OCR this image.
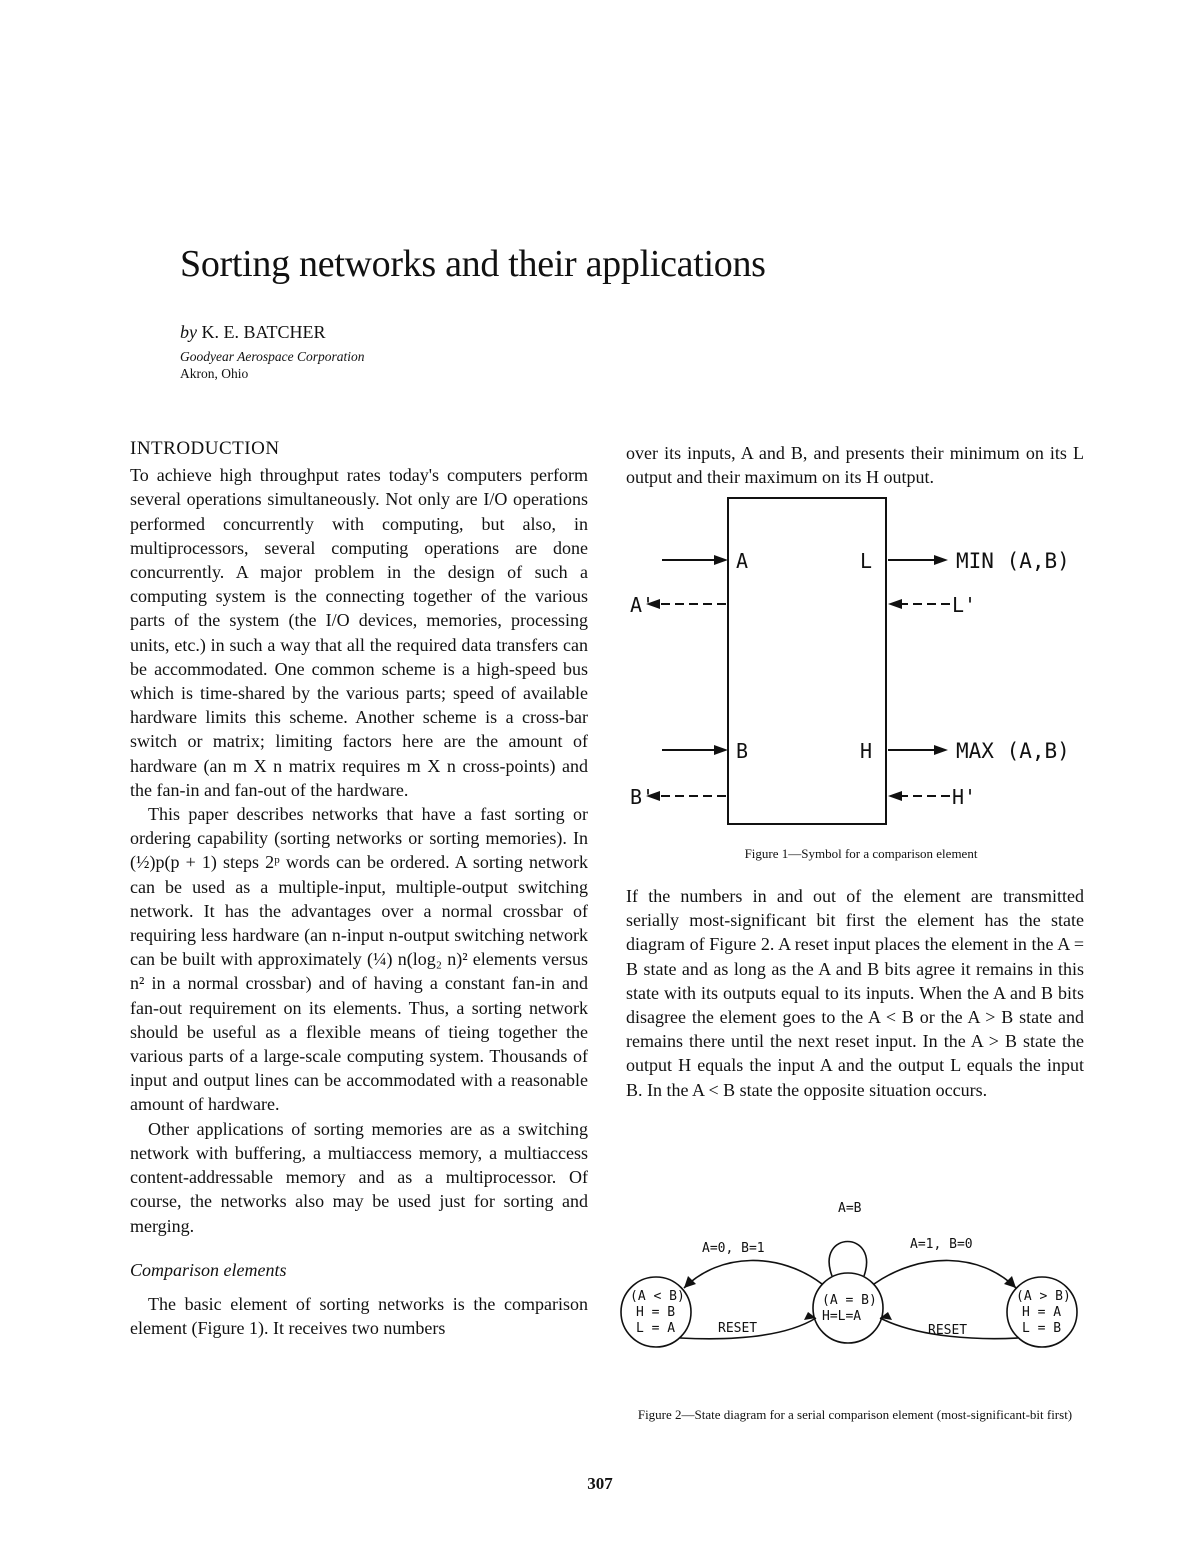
Sorting networks and their applications
by K. E. BATCHER
Goodyear Aerospace Corporation
Akron, Ohio
INTRODUCTION

To achieve high throughput rates today's computers perform several operations simultaneously. Not only are I/O operations performed concurrently with computing, but also, in multiprocessors, several computing operations are done concurrently. A major problem in the design of such a computing system is the connecting together of the various parts of the system (the I/O devices, memories, processing units, etc.) in such a way that all the required data transfers can be accommodated. One common scheme is a high-speed bus which is time-shared by the various parts; speed of available hardware limits this scheme. Another scheme is a cross-bar switch or matrix; limiting factors here are the amount of hardware (an m X n matrix requires m X n cross-points) and the fan-in and fan-out of the hardware.

This paper describes networks that have a fast sorting or ordering capability (sorting networks or sorting memories). In (½)p(p + 1) steps 2ᵖ words can be ordered. A sorting network can be used as a multiple-input, multiple-output switching network. It has the advantages over a normal crossbar of requiring less hardware (an n-input n-output switching network can be built with approximately (¼) n(log₂ n)² elements versus n² in a normal crossbar) and of having a constant fan-in and fan-out requirement on its elements. Thus, a sorting network should be useful as a flexible means of tieing together the various parts of a large-scale computing system. Thousands of input and output lines can be accommodated with a reasonable amount of hardware.

Other applications of sorting memories are as a switching network with buffering, a multiaccess memory, a multiaccess content-addressable memory and as a multiprocessor. Of course, the networks also may be used just for sorting and merging.

Comparison elements

The basic element of sorting networks is the comparison element (Figure 1). It receives two numbers

over its inputs, A and B, and presents their minimum on its L output and their maximum on its H output.
A
B
L
H
MIN (A,B)
MAX (A,B)
A'
B'
L'
H'
Figure 1—Symbol for a comparison element
If the numbers in and out of the element are transmitted serially most-significant bit first the element has the state diagram of Figure 2. A reset input places the element in the A = B state and as long as the A and B bits agree it remains in this state with its outputs equal to its inputs. When the A and B bits disagree the element goes to the A < B or the A > B state and remains there until the next reset input. In the A > B state the output H equals the input A and the output L equals the input B. In the A < B state the opposite situation occurs.
A=B
A=0, B=1	A=1, B=0
RESET	RESET
(A < B)
H = B
L = A
(A = B)
H=L=A
(A > B)
H = A
L = B
Figure 2—State diagram for a serial comparison element (most-significant-bit first)
307
